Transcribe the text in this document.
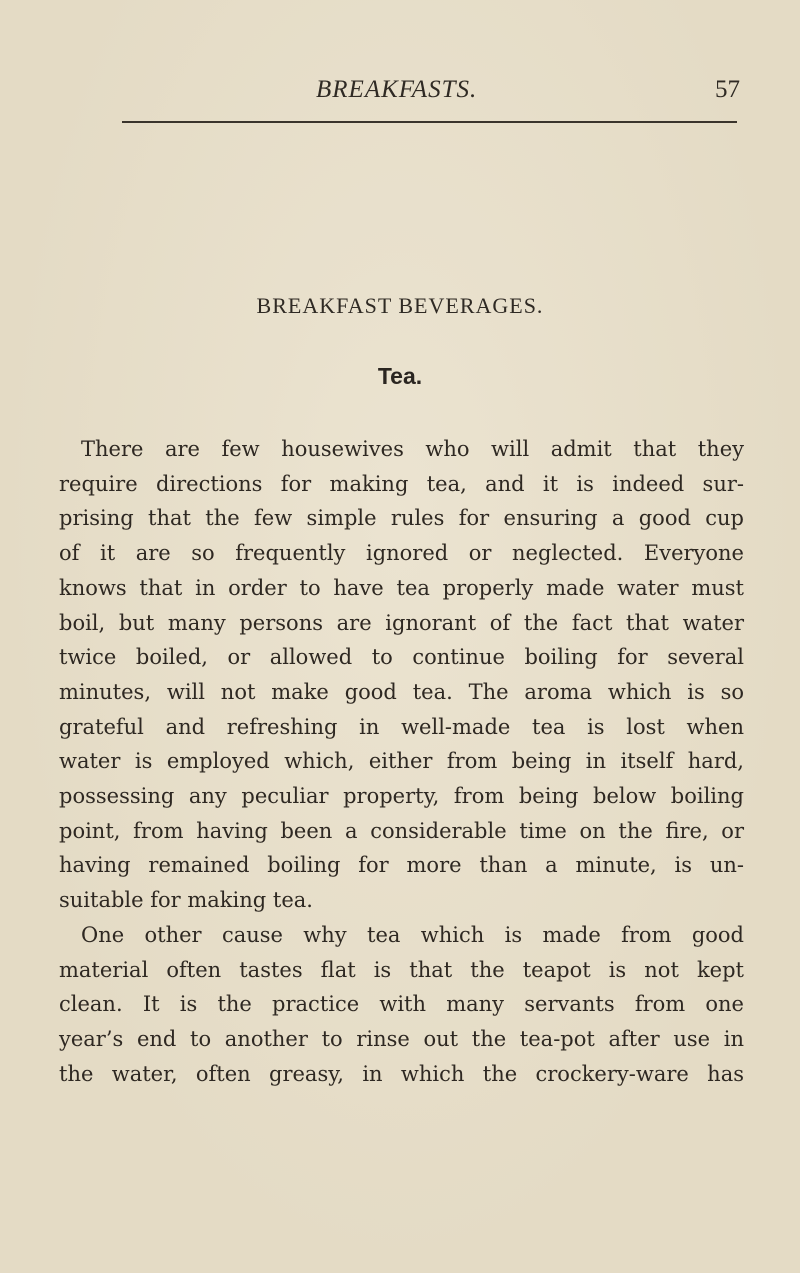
BREAKFASTS.	57
BREAKFAST BEVERAGES.
Tea.
There are few housewives who will admit that they
require directions for making tea, and it is indeed sur-
prising that the few simple rules for ensuring a good cup
of it are so frequently ignored or neglected. Everyone
knows that in order to have tea properly made water must
boil, but many persons are ignorant of the fact that water
twice boiled, or allowed to continue boiling for several
minutes, will not make good tea. The aroma which is so
grateful and refreshing in well-made tea is lost when
water is employed which, either from being in itself hard,
possessing any peculiar property, from being below boiling
point, from having been a considerable time on the fire, or
having remained boiling for more than a minute, is un-
suitable for making tea.
One other cause why tea which is made from good
material often tastes flat is that the teapot is not kept
clean. It is the practice with many servants from one
year’s end to another to rinse out the tea-pot after use in
the water, often greasy, in which the crockery-ware has
